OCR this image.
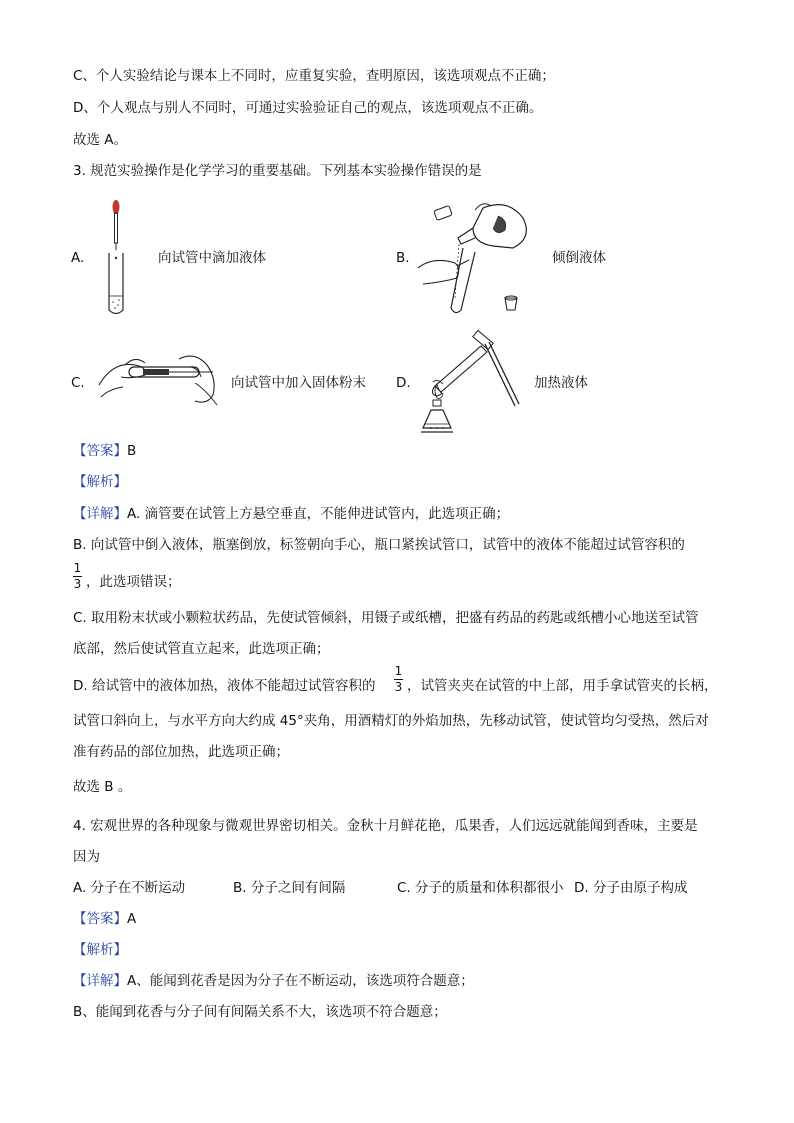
C、个人实验结论与课本上不同时，应重复实验，查明原因，该选项观点不正确；
D、个人观点与别人不同时，可通过实验验证自己的观点，该选项观点不正确。
故选 A。
3. 规范实验操作是化学学习的重要基础。下列基本实验操作错误的是
A.	向试管中滴加液体	B.	倾倒液体
C.	向试管中加入固体粉末 D.	加热液体
【答案】B
【解析】
【详解】A. 滴管要在试管上方悬空垂直，不能伸进试管内，此选项正确；
B. 向试管中倒入液体，瓶塞倒放，标签朝向手心，瓶口紧挨试管口，试管中的液体不能超过试管容积的
1
3 ，此选项错误；
C. 取用粉末状或小颗粒状药品，先使试管倾斜，用镊子或纸槽，把盛有药品的药匙或纸槽小心地送至试管
底部，然后使试管直立起来，此选项正确；
D. 给试管中的液体加热，液体不能超过试管容积的
1
3 ，试管夹夹在试管的中上部，用手拿试管夹的长柄，
试管口斜向上，与水平方向大约成 45°夹角，用酒精灯的外焰加热，先移动试管，使试管均匀受热，然后对
准有药品的部位加热，此选项正确；
故选 B 。
4. 宏观世界的各种现象与微观世界密切相关。金秋十月鲜花艳，瓜果香，人们远远就能闻到香味，主要是
因为
A. 分子在不断运动	B. 分子之间有间隔	C. 分子的质量和体积都很小 D. 分子由原子构成
【答案】A
【解析】
【详解】A、能闻到花香是因为分子在不断运动，该选项符合题意；
B、能闻到花香与分子间有间隔关系不大，该选项不符合题意；
